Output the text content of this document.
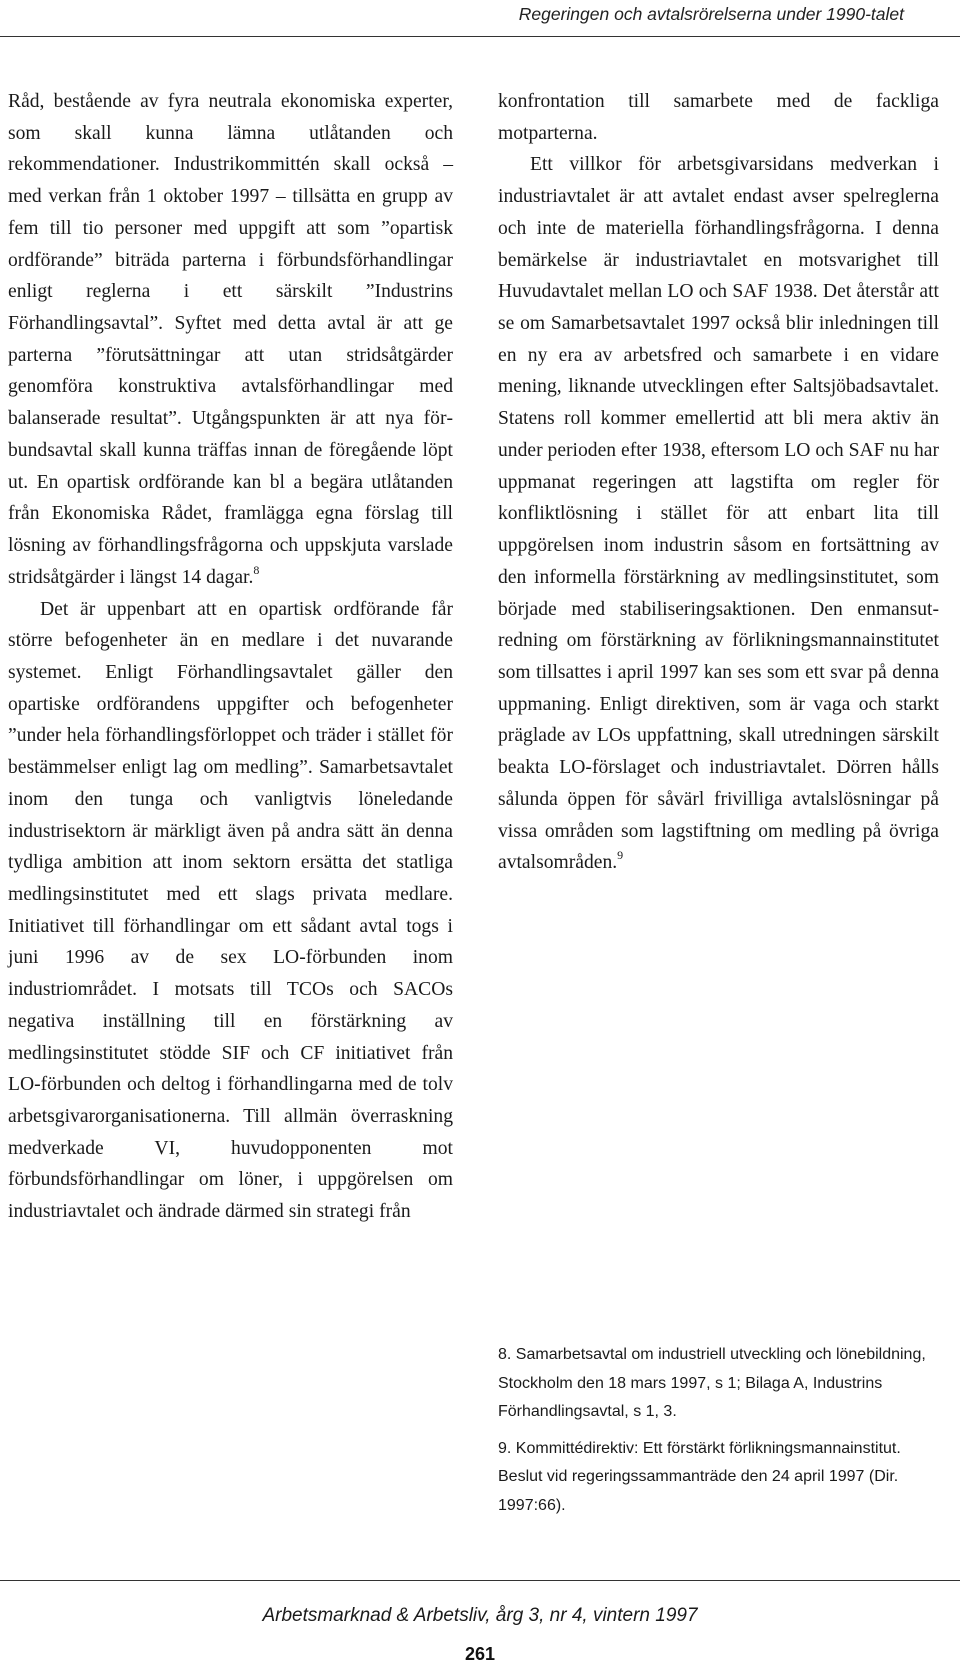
Regeringen och avtalsrörelserna under 1990-talet

Råd, bestående av fyra neutrala ekonomiska experter, som skall kunna lämna utlåtanden och rekommendationer. Industrikommittén skall också – med verkan från 1 oktober 1997 – tillsätta en grupp av fem till tio personer med uppgift att som ”opartisk ordförande” biträda parterna i förbundsförhandlingar enligt reglerna i ett särskilt ”Industrins Förhandlingsavtal”. Syftet med detta avtal är att ge parterna ”förutsättningar att utan stridsåtgärder genomföra konstruktiva avtalsförhandlingar med balanserade resultat”. Utgångspunkten är att nya förbundsavtal skall kunna träffas innan de föregående löpt ut. En opartisk ordförande kan bl a begära utlåtanden från Ekonomiska Rådet, framlägga egna förslag till lösning av förhandlingsfrågorna och uppskjuta varslade stridsåtgärder i längst 14 dagar.$^8$

Det är uppenbart att en opartisk ordförande får större befogenheter än en medlare i det nuvarande systemet. Enligt Förhandlingsavtalet gäller den opartiske ordförandens uppgifter och befogenheter ”under hela förhandlingsförloppet och träder i stället för bestämmelser enligt lag om medling”. Samarbetsavtalet inom den tunga och vanligtvis löneledande industrisektorn är märkligt även på andra sätt än denna tydliga ambition att inom sektorn ersätta det statliga medlingsinstitutet med ett slags privata medlare. Initiativet till förhandlingar om ett sådant avtal togs i juni 1996 av de sex LO-förbunden inom industriområdet. I motsats till TCOs och SACOs negativa inställning till en förstärkning av medlingsinstitutet stödde SIF och CF initiativet från LO-förbunden och deltog i förhandlingarna med de tolv arbetsgivarorganisationerna. Till allmän överraskning medverkade VI, huvudopponenten mot förbundsförhandlingar om löner, i uppgörelsen om industriavtalet och ändrade därmed sin strategi från

konfrontation till samarbete med de fackliga motparterna.

Ett villkor för arbetsgivarsidans medverkan i industriavtalet är att avtalet endast avser spelreglerna och inte de materiella förhandlingsfrågorna. I denna bemärkelse är industriavtalet en motsvarighet till Huvudavtalet mellan LO och SAF 1938. Det återstår att se om Samarbetsavtalet 1997 också blir inledningen till en ny era av arbetsfred och samarbete i en vidare mening, liknande utvecklingen efter Saltsjöbadsavtalet. Statens roll kommer emellertid att bli mera aktiv än under perioden efter 1938, eftersom LO och SAF nu har uppmanat regeringen att lagstifta om regler för konfliktlösning i stället för att enbart lita till uppgörelsen inom industrin såsom en fortsättning av den informella förstärkning av medlingsinstitutet, som började med stabiliseringsaktionen. Den enmansutredning om förstärkning av förlikningsmannainstitutet som tillsattes i april 1997 kan ses som ett svar på denna uppmaning. Enligt direktiven, som är vaga och starkt präglade av LOs uppfattning, skall utredningen särskilt beakta LO-förslaget och industriavtalet. Dörren hålls sålunda öppen för såvärl frivilliga avtalslösningar på vissa områden som lagstiftning om medling på övriga avtalsområden.$^9$

8. Samarbetsavtal om industriell utveckling och lönebildning, Stockholm den 18 mars 1997, s 1; Bilaga A, Industrins Förhandlingsavtal, s 1, 3.

9. Kommittédirektiv: Ett förstärkt förlikningsmannainstitut. Beslut vid regeringssammanträde den 24 april 1997 (Dir. 1997:66).

Arbetsmarknad & Arbetsliv, årg 3, nr 4, vintern 1997
261
